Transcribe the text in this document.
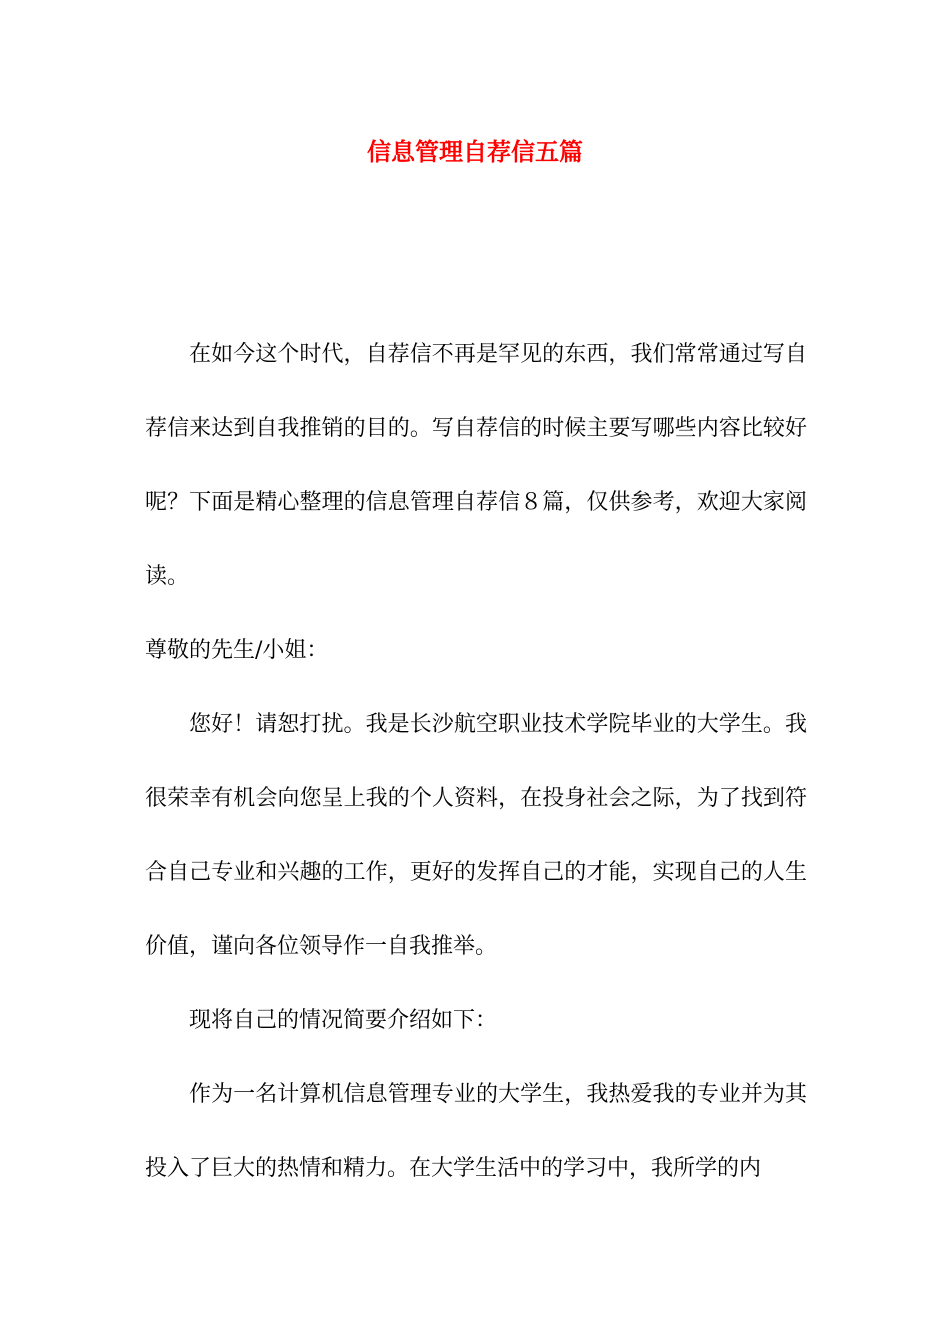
信息管理自荐信五篇

在如今这个时代，自荐信不再是罕见的东西，我们常常通过写自荐信来达到自我推销的目的。写自荐信的时候主要写哪些内容比较好呢？下面是精心整理的信息管理自荐信８篇，仅供参考，欢迎大家阅读。

尊敬的先生/小姐：

您好！请恕打扰。我是长沙航空职业技术学院毕业的大学生。我很荣幸有机会向您呈上我的个人资料，在投身社会之际，为了找到符合自己专业和兴趣的工作，更好的发挥自己的才能，实现自己的人生价值，谨向各位领导作一自我推举。

现将自己的情况简要介绍如下：

作为一名计算机信息管理专业的大学生，我热爱我的专业并为其投入了巨大的热情和精力。在大学生活中的学习中，我所学的内
